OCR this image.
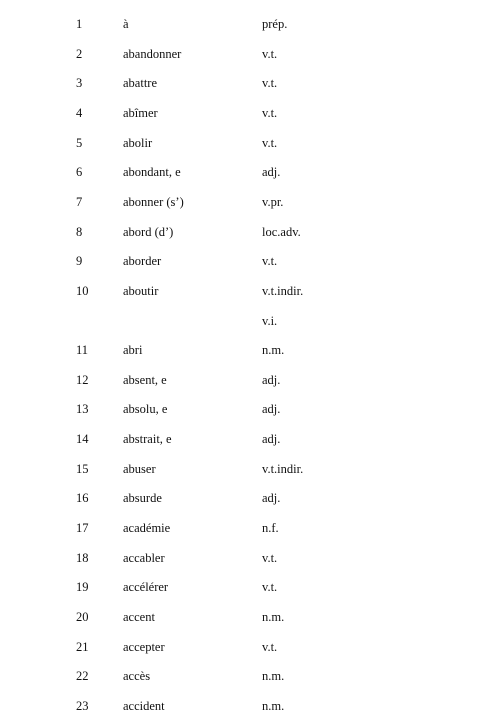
1	à	prép.
2	abandonner	v.t.
3	abattre	v.t.
4	abîmer	v.t.
5	abolir	v.t.
6	abondant, e	adj.
7	abonner (s’)	v.pr.
8	abord (d’)	loc.adv.
9	aborder	v.t.
10	aboutir	v.t.indir.
v.i.
11	abri	n.m.
12	absent, e	adj.
13	absolu, e	adj.
14	abstrait, e	adj.
15	abuser	v.t.indir.
16	absurde	adj.
17	académie	n.f.
18	accabler	v.t.
19	accélérer	v.t.
20	accent	n.m.
21	accepter	v.t.
22	accès	n.m.
23	accident	n.m.
